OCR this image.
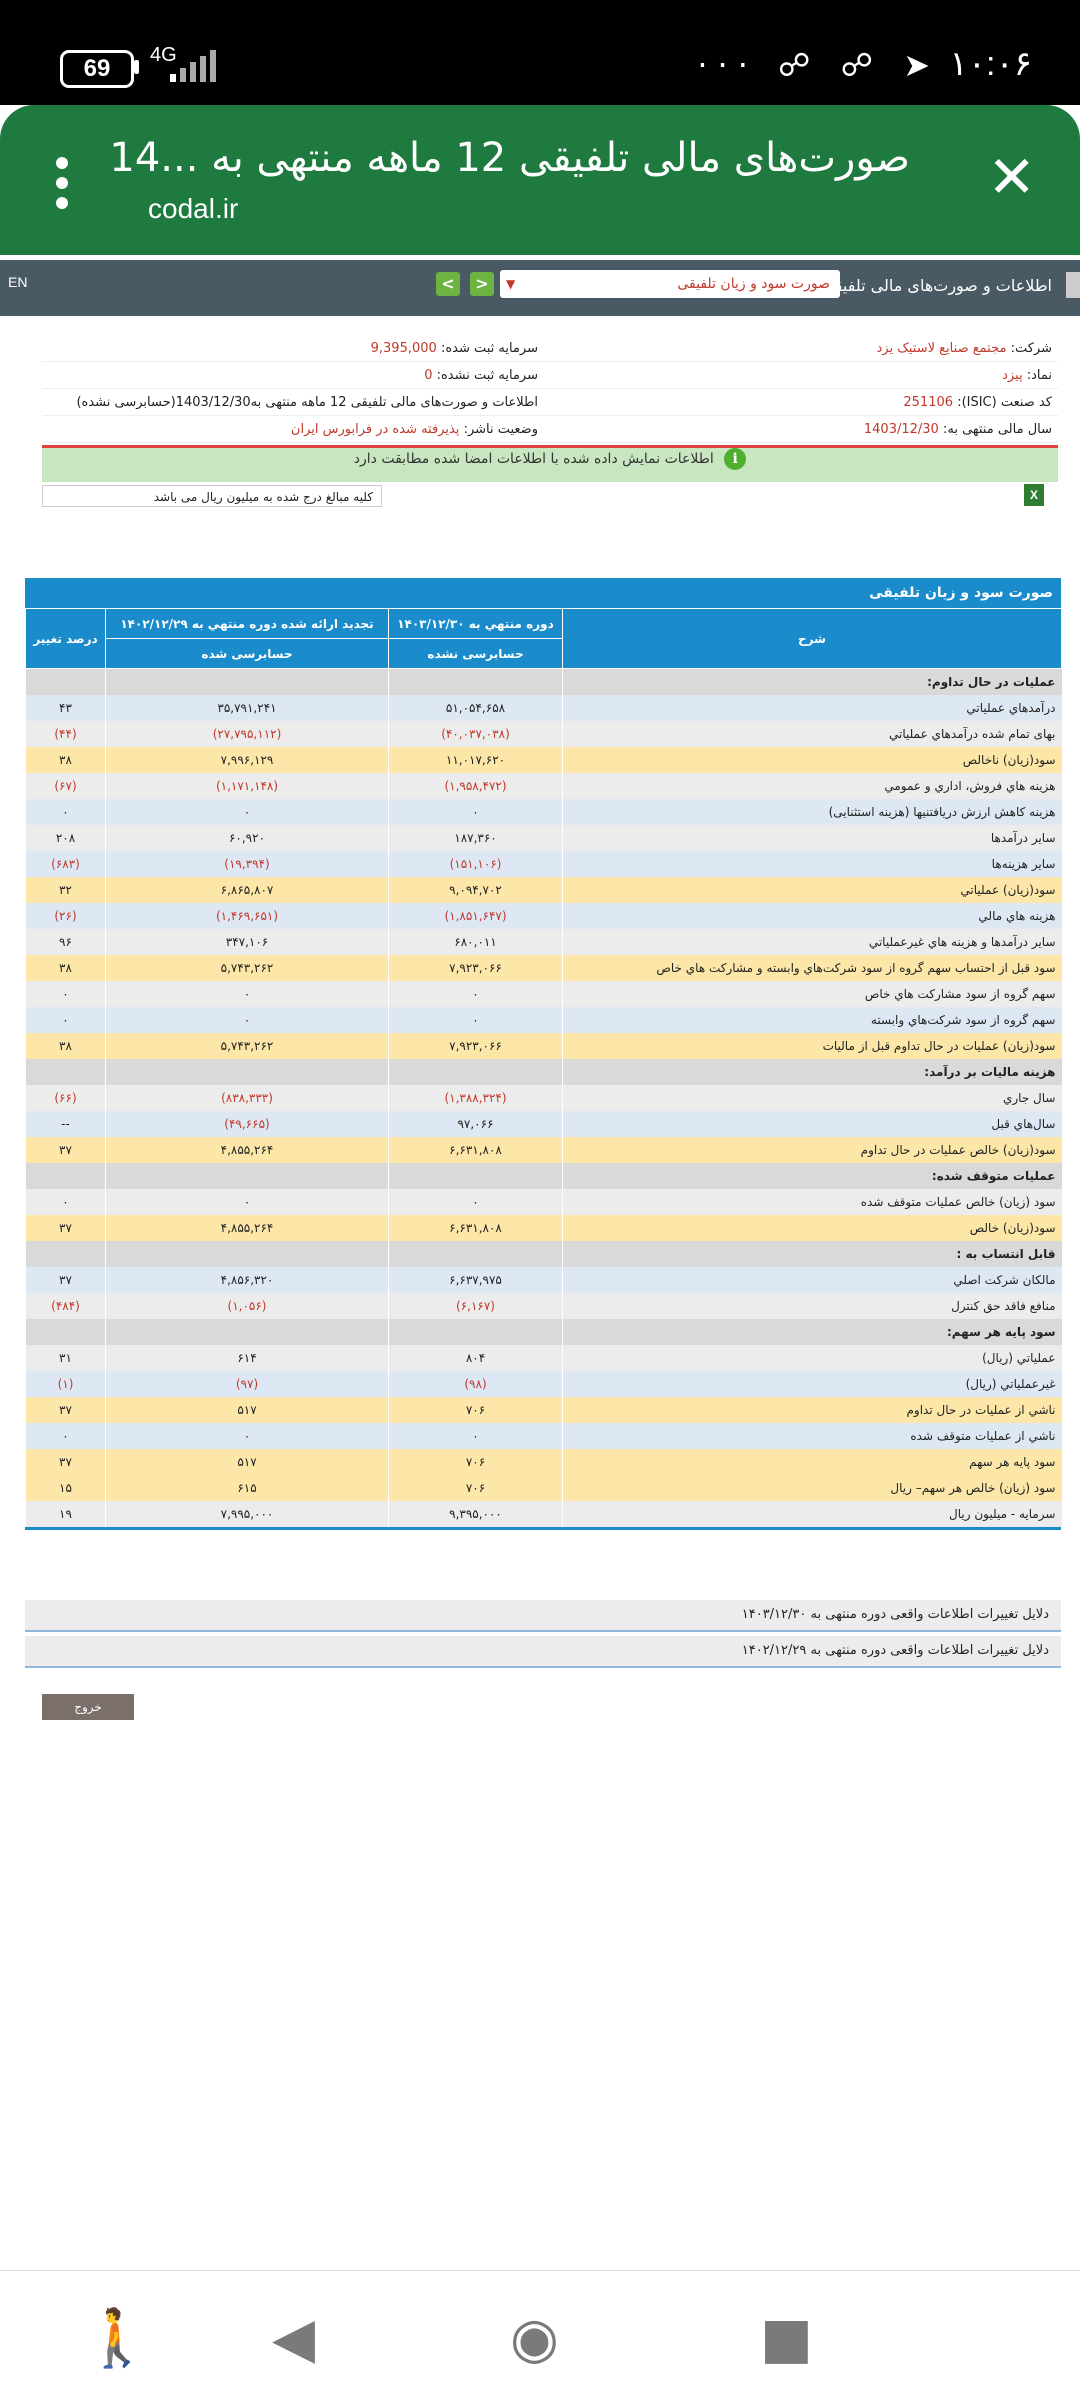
69	4G	··· ☍ ☍ ➤ ۱۰:۰۶
صورت‌های مالی تلفیقی 12 ماهه منتهی به ...14
codal.ir	✕
EN	<	>	صورت سود و زیان تلفیقی
▼	اطلاعات و صورت‌های مالی تلفیقی
شرکت: مجتمع صنايع لاستيک يزد
سرمایه ثبت شده: 9,395,000
نماد: پیزد
سرمایه ثبت نشده: 0
کد صنعت (ISIC): 251106
اطلاعات و صورت‌های مالی تلفیقی 12 ماهه منتهی به1403/12/30(حسابرسی نشده)
سال مالی منتهی به: 1403/12/30
وضعیت ناشر: پذیرفته شده در فرابورس ایران
i اطلاعات نمایش داده شده با اطلاعات امضا شده مطابقت دارد
کلیه مبالغ درج شده به میلیون ریال می باشد	X
صورت سود و زیان تلفیقی
شرح	دوره منتهي به ۱۴۰۳/۱۲/۳۰	تجدید ارائه شده دوره منتهي به ۱۴۰۲/۱۲/۲۹	درصد تغییر
	حسابرسی نشده	حسابرسی شده	
عملیات در حال تداوم:			
درآمدهاي عملياتي	۵۱,۰۵۴,۶۵۸	۳۵,۷۹۱,۲۴۱	۴۳
بهاى تمام شده درآمدهاي عملياتي	(۴۰,۰۳۷,۰۳۸)	(۲۷,۷۹۵,۱۱۲)	(۴۴)
سود(زيان) ناخالص	۱۱,۰۱۷,۶۲۰	۷,۹۹۶,۱۲۹	۳۸
هزينه‏ هاي فروش، اداري و عمومي	(۱,۹۵۸,۴۷۲)	(۱,۱۷۱,۱۴۸)	(۶۷)
هزینه کاهش ارزش دریافتنیها (هزینه استثنایی)	۰	۰	۰
ساير درآمدها	۱۸۷,۳۶۰	۶۰,۹۲۰	۲۰۸
سایر هزینه‌ها	(۱۵۱,۱۰۶)	(۱۹,۳۹۴)	(۶۸۳)
سود(زيان) عملياتي	۹,۰۹۴,۷۰۲	۶,۸۶۵,۸۰۷	۳۲
هزينه‏ هاي مالي	(۱,۸۵۱,۶۴۷)	(۱,۴۶۹,۶۵۱)	(۲۶)
ساير درآمدها و هزينه ‏هاي غيرعملياتي	۶۸۰,۰۱۱	۳۴۷,۱۰۶	۹۶
سود قبل از احتساب سهم گروه از سود شرکت‌هاي وابسته و مشارکت هاي خاص	۷,۹۲۳,۰۶۶	۵,۷۴۳,۲۶۲	۳۸
سهم گروه از سود مشارکت هاي خاص	۰	۰	۰
سهم گروه از سود شرکت‌هاي وابسته	۰	۰	۰
سود(زيان) عمليات در حال تداوم قبل از ماليات	۷,۹۲۳,۰۶۶	۵,۷۴۳,۲۶۲	۳۸
هزینه مالیات بر درآمد:			
سال جاري	(۱,۳۸۸,۳۲۴)	(۸۳۸,۳۳۳)	(۶۶)
سال‌هاي قبل	۹۷,۰۶۶	(۴۹,۶۶۵)	--
سود(زيان) خالص عمليات در حال تداوم	۶,۶۳۱,۸۰۸	۴,۸۵۵,۲۶۴	۳۷
عملیات متوقف شده:			
سود (زيان) خالص عمليات متوقف شده	۰	۰	۰
سود(زيان) خالص	۶,۶۳۱,۸۰۸	۴,۸۵۵,۲۶۴	۳۷
قابل انتساب به :			
مالکان شرکت اصلي	۶,۶۳۷,۹۷۵	۴,۸۵۶,۳۲۰	۳۷
منافع فاقد حق کنترل	(۶,۱۶۷)	(۱,۰۵۶)	(۴۸۴)
سود پایه هر سهم:			
عملياتي (ريال)	۸۰۴	۶۱۴	۳۱
غيرعملياتي (ريال)	(۹۸)	(۹۷)	(۱)
ناشي از عمليات در حال تداوم	۷۰۶	۵۱۷	۳۷
ناشي از عمليات متوقف شده	۰	۰	۰
سود پايه هر سهم	۷۰۶	۵۱۷	۳۷
سود (زيان) خالص هر سهم– ريال	۷۰۶	۶۱۵	۱۵
سرمایه - میلیون ریال	۹,۳۹۵,۰۰۰	۷,۹۹۵,۰۰۰	۱۹
دلایل تغییرات اطلاعات واقعی دوره منتهی به ۱۴۰۳/۱۲/۳۰
دلایل تغییرات اطلاعات واقعی دوره منتهی به ۱۴۰۲/۱۲/۲۹
خروج
🚶 ◀	◉	■
